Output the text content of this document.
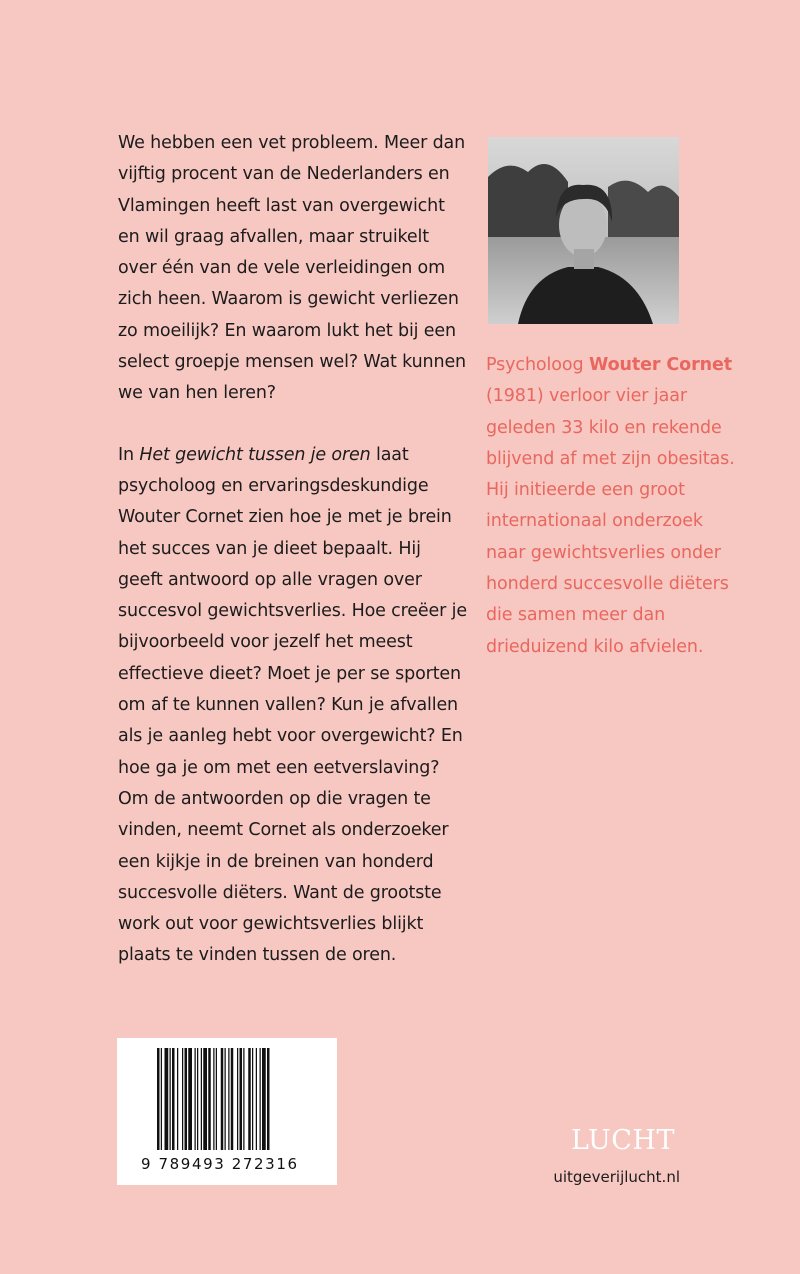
We hebben een vet probleem. Meer dan vijftig procent van de Nederlanders en Vlamingen heeft last van overgewicht en wil graag afvallen, maar struikelt over één van de vele verleidingen om zich heen. Waarom is gewicht verliezen zo moeilijk? En waarom lukt het bij een select groepje mensen wel? Wat kunnen we van hen leren?

In Het gewicht tussen je oren laat psycholoog en ervaringsdeskundige Wouter Cornet zien hoe je met je brein het succes van je dieet bepaalt. Hij geeft antwoord op alle vragen over succesvol gewichtsverlies. Hoe creëer je bijvoorbeeld voor jezelf het meest effectieve dieet? Moet je per se sporten om af te kunnen vallen? Kun je afvallen als je aanleg hebt voor overgewicht? En hoe ga je om met een eetverslaving? Om de antwoorden op die vragen te vinden, neemt Cornet als onderzoeker een kijkje in de breinen van honderd succesvolle diëters. Want de grootste work out voor gewichtsverlies blijkt plaats te vinden tussen de oren.

Psycholoog Wouter Cornet (1981) verloor vier jaar geleden 33 kilo en rekende blijvend af met zijn obesitas. Hij initieerde een groot internationaal onderzoek naar gewichtsverlies onder honderd succesvolle diëters die samen meer dan drieduizend kilo afvielen.
9 789493 272316
LUCHT
uitgeverijlucht.nl
